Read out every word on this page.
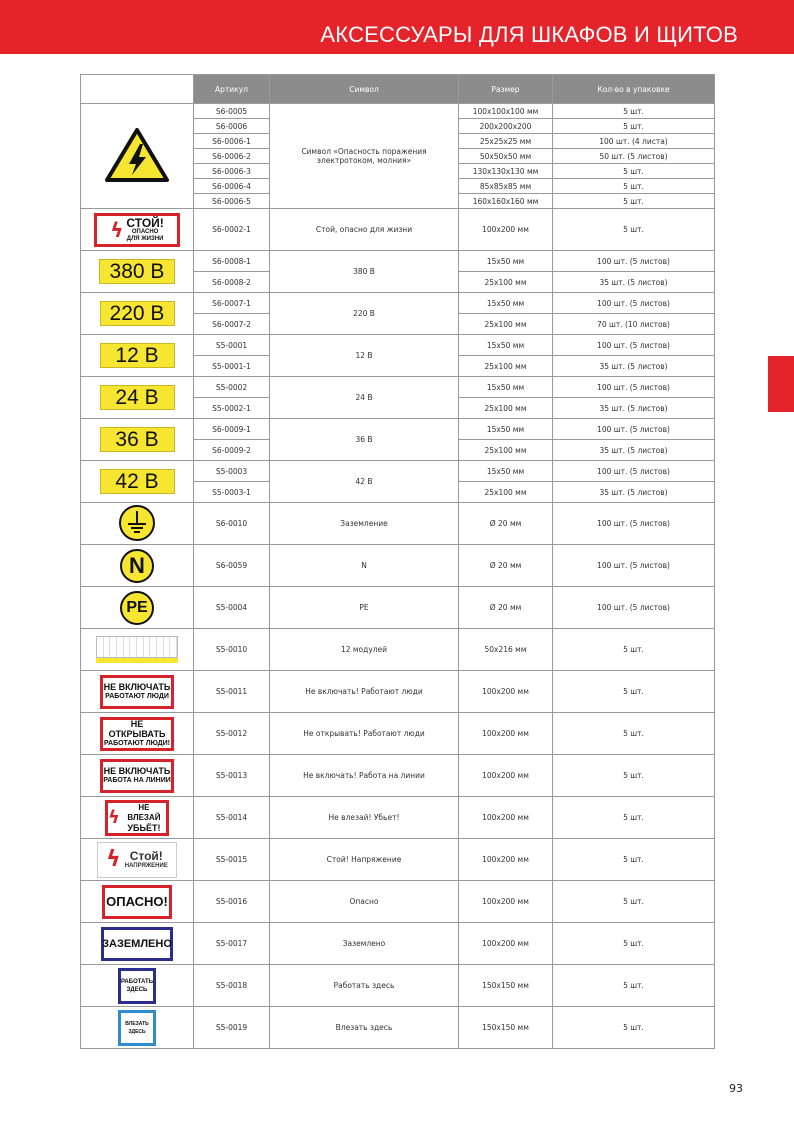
АКСЕССУАРЫ ДЛЯ ШКАФОВ И ЩИТОВ
	Артикул	Символ	Размер	Кол-во в упаковке
	S6-0005	Символ «Опасность поражения электротоком, молния»	100x100x100 мм	5 шт.
	S6-0006		200x200x200	5 шт.
	S6-0006-1		25x25x25 мм	100 шт. (4 листа)
	S6-0006-2		50x50x50 мм	50 шт. (5 листов)
	S6-0006-3		130x130x130 мм	5 шт.
	S6-0006-4		85x85x85 мм	5 шт.
	S6-0006-5		160x160x160 мм	5 шт.

ϟ СТОЙ!
ОПАСНО
ДЛЯ ЖИЗНИ	S6-0002-1	Стой, опасно для жизни	100x200 мм	5 шт.
380 В	S6-0008-1	380 В	15x50 мм	100 шт. (5 листов)
	S6-0008-2		25x100 мм	35 шт. (5 листов)
220 В	S6-0007-1	220 В	15x50 мм	100 шт. (5 листов)
	S6-0007-2		25x100 мм	70 шт. (10 листов)
12 В	S5-0001	12 В	15x50 мм	100 шт. (5 листов)
	S5-0001-1		25x100 мм	35 шт. (5 листов)
24 В	S5-0002	24 В	15x50 мм	100 шт. (5 листов)
	S5-0002-1		25x100 мм	35 шт. (5 листов)
36 В	S6-0009-1	36 В	15x50 мм	100 шт. (5 листов)
	S6-0009-2		25x100 мм	35 шт. (5 листов)
42 В	S5-0003	42 В	15x50 мм	100 шт. (5 листов)
	S5-0003-1		25x100 мм	35 шт. (5 листов)
	S6-0010	Заземление	Ø 20 мм	100 шт. (5 листов)
N	S6-0059	N	Ø 20 мм	100 шт. (5 листов)
PE	S5-0004	PE	Ø 20 мм	100 шт. (5 листов)

	S5-0010	12 модулей	50x216 мм	5 шт.

НЕ ВКЛЮЧАТЬ
РАБОТАЮТ ЛЮДИ	S5-0011	Не включать! Работают люди	100x200 мм	5 шт.

НЕ ОТКРЫВАТЬ
РАБОТАЮТ ЛЮДИ!	S5-0012	Не открывать! Работают люди	100x200 мм	5 шт.

НЕ ВКЛЮЧАТЬ
РАБОТА НА ЛИНИИ	S5-0013	Не включать! Работа на линии	100x200 мм	5 шт.

ϟ НЕ ВЛЕЗАЙ
УБЬЁТ!	S5-0014	Не влезай! Убьет!	100x200 мм	5 шт.

ϟ Стой!
НАПРЯЖЕНИЕ	S5-0015	Стой! Напряжение	100x200 мм	5 шт.

ОПАСНО!	S5-0016	Опасно	100x200 мм	5 шт.

ЗАЗЕМЛЕНО	S5-0017	Заземлено	100x200 мм	5 шт.

РАБОТАТЬ
ЗДЕСЬ	S5-0018	Работать здесь	150x150 мм	5 шт.

ВЛЕЗАТЬ
ЗДЕСЬ	S5-0019	Влезать здесь	150x150 мм	5 шт.
93
